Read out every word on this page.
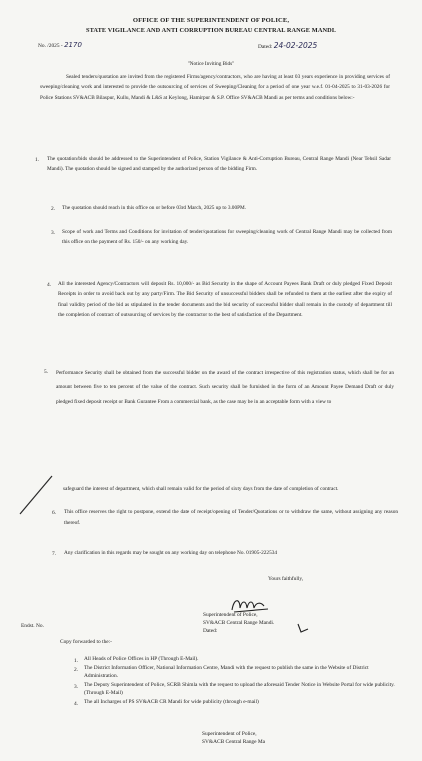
OFFICE OF THE SUPERINTENDENT OF POLICE,
STATE VIGILANCE AND ANTI CORRUPTION BUREAU CENTRAL RANGE MANDI.
No. /2025 - 2170	Dated: 24-02-2025
"Notice Inviting Bids"
Sealed tenders/quotation are invited from the registered Firms/agency/contractors, who are having at least 03 years experience in providing services of sweeping/cleaning work and interested to provide the outsourcing of services of Sweeping/Cleaning for a period of one year w.e.f. 01-04-2025 to 31-03-2026 for Police Stations SV&ACB Bilaspur, Kullu, Mandi & L&S at Keylong, Hamirpur & S.P. Office SV&ACB Mandi as per terms and conditions below:-
1. The quotation/bids should be addressed to the Superintendent of Police, Station Vigilance & Anti-Corruption Bureau, Central Range Mandi (Near Tehsil Sadar Mandi). The quotation should be signed and stamped by the authorized person of the bidding Firm.
2. The quotation should reach in this office on or before 03rd March, 2025 up to 3.00PM.
3. Scope of work and Terms and Conditions for invitation of tender/quotations for sweeping/cleaning work of Central Range Mandi may be collected from this office on the payment of Rs. 150/- on any working day.
4. All the interested Agency/Contractors will deposit Rs. 10,000/- as Bid Security in the shape of Account Payees Bank Draft or duly pledged Fixed Deposit Receipts in order to avoid back out by any party/Firm. The Bid Security of unsuccessful bidders shall be refunded to them at the earliest after the expiry of final validity period of the bid as stipulated in the tender documents and the bid security of successful bidder shall remain in the custody of department till the completion of contract of outsourcing of services by the contractor to the best of satisfaction of the Department.
5. Performance Security shall be obtained from the successful bidder on the award of the contract irrespective of this registration status, which shall be for an amount between five to ten percent of the value of the contract. Such security shall be furnished in the form of an Amount Payee Demand Draft or duly pledged fixed deposit receipt or Bank Gurantee From a commercial bank, as the case may be in an acceptable form with a view to
safeguard the interest of department, which shall remain valid for the period of sixty days from the date of completion of contract.
6. This office reserves the right to postpone, extend the date of receipt/opening of Tender/Quotations or to withdraw the same, without assigning any reason thereof.
7. Any clarification in this regards may be sought on any working day on telephone No. 01905-222534
Yours faithfully,
Superintendent of Police,
SV&ACB Central Range Mandi.
Dated:
Endst. No.
Copy forwarded to the:-
1. All Heads of Police Offices in HP (Through E-Mail).
2. The District Information Officer, National Information Centre, Mandi with the request to publish the same in the Website of District Administration.
3. The Deputy Superintendent of Police, SCRB Shimla with the request to upload the aforesaid Tender Notice in Website Portal for wide publicity. (Through E-Mail)
4. The all Incharges of PS SV&ACB CR Mandi for wide publicity (through e-mail)
Superintendent of Police,
SV&ACB Central Range Ma
